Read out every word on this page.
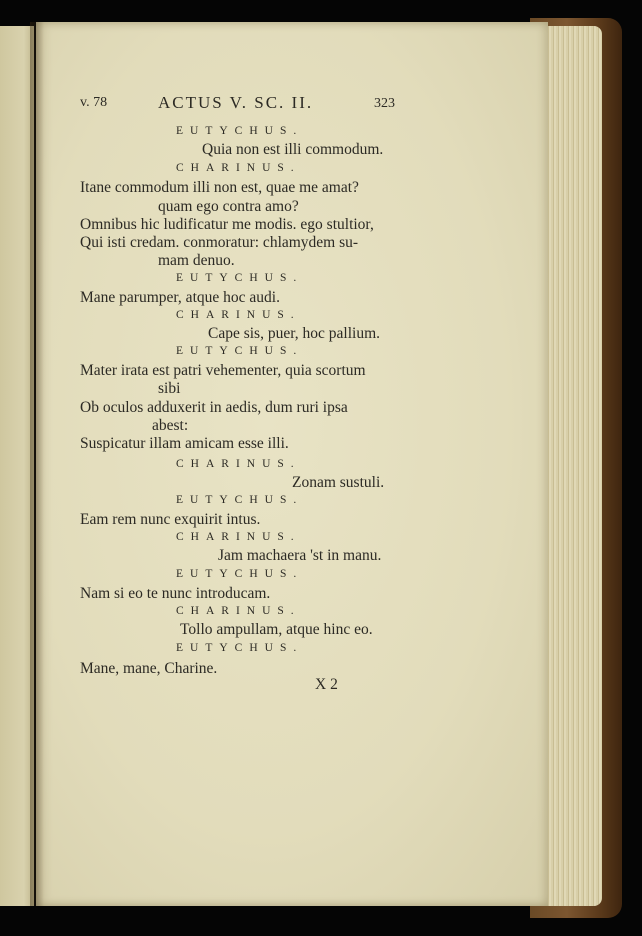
v. 78	ACTUS V. SC. II.	323
EUTYCHUS.
Quia non est illi commodum.
CHARINUS.
Itane commodum illi non est, quae me amat?
quam ego contra amo?
Omnibus hic ludificatur me modis. ego stultior,
Qui isti credam. conmoratur: chlamydem su-
mam denuo.
EUTYCHUS.
Mane parumper, atque hoc audi.
CHARINUS.
Cape sis, puer, hoc pallium.
EUTYCHUS.
Mater irata est patri vehementer, quia scortum
sibi
Ob oculos adduxerit in aedis, dum ruri ipsa
abest:
Suspicatur illam amicam esse illi.
CHARINUS.
Zonam sustuli.
EUTYCHUS.
Eam rem nunc exquirit intus.
CHARINUS.
Jam machaera 'st in manu.
EUTYCHUS.
Nam si eo te nunc introducam.
CHARINUS.
Tollo ampullam, atque hinc eo.
EUTYCHUS.
Mane, mane, Charine.
X 2
